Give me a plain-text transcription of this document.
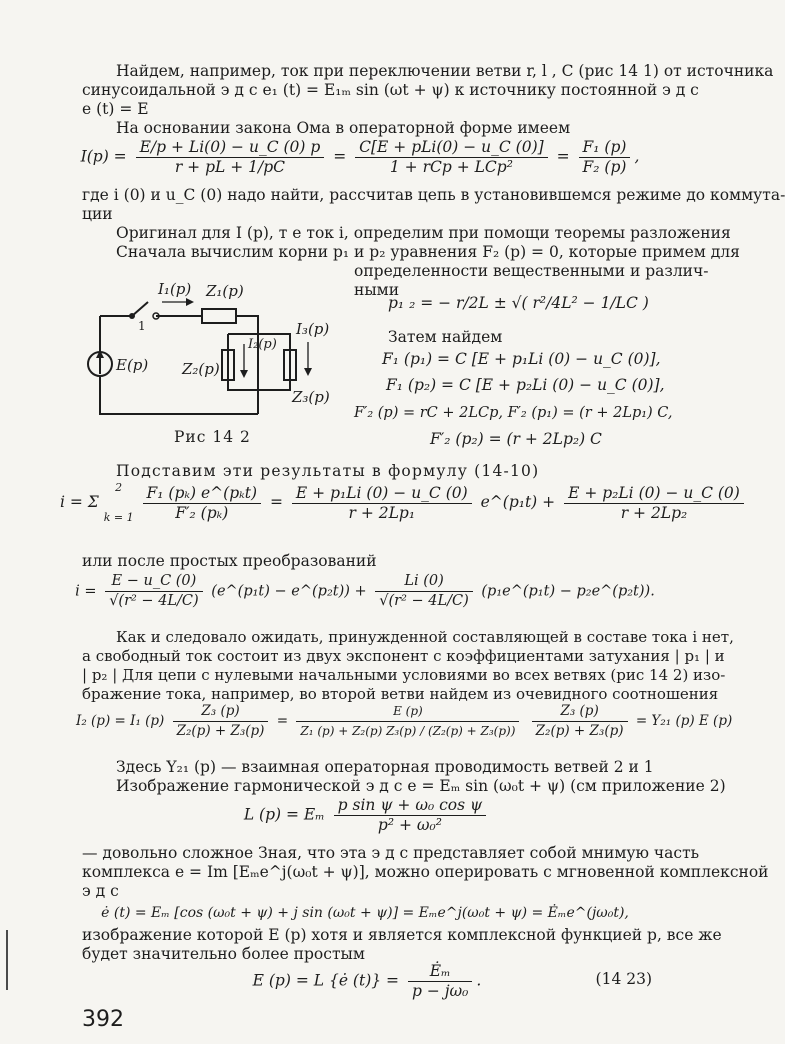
Найдем, например, ток при переключении ветви r, l , C (рис 14 1) от источника
синусоидальной э д с e₁ (t) = E₁ₘ sin (ωt + ψ) к источнику постоянной э д с
e (t) = E
На основании закона Ома в операторной форме имеем
$I(p) = \frac{E/p + Li(0) - u\_C (0) p}{r + pL + 1/pC} = \frac{\text{C[E + pLi(0) − u\_C (0)]}}{\text{1 + rCp + LCp²}} = \frac{\text{F₁ (p)}}{\text{F₂ (p)}}$ ,
где i (0) и u_C (0) надо найти, рассчитав цепь в установившемся режиме до коммута-
ции
Оригинал для I (p), т е ток i, определим при помощи теоремы разложения
Сначала вычислим корни p₁ и p₂ уравнения F₂ (p) = 0, которые примем для
определенности вещественными и различ-
ными
p₁ ₂ = − r/2L ± √( r²/4L² − 1/LC )
Затем найдем
F₁ (p₁) = C [E + p₁Li (0) − u_C (0)],
F₁ (p₂) = C [E + p₂Li (0) − u_C (0)],
F′₂ (p) = rC + 2LCp, F′₂ (p₁) = (r + 2Lp₁) C,
F′₂ (p₂) = (r + 2Lp₂) C
I₁(p) Z₁(p)
Z₂(p)
Z₃(p)
I₂(p)
I₃(p)
E(p)
1
Рис 14 2
Подставим эти результаты в формулу (14-10)
i = Σ
2
k = 1
$\frac{\text{F₁ (pₖ) e\textasciicircum{}(pₖt)}}{\text{F′₂ (pₖ)}} = \frac{\text{E + p₁Li (0) − u\_C (0)}}{\text{r + 2Lp₁}}$ e^(p₁t) + $\frac{\text{E + p₂Li (0) − u\_C (0)}}{\text{r + 2Lp₂}}$
или после простых преобразований
$i = \frac{E - u\_C (0)}{\text{√(r² − 4L/C)}}$ (e^(p₁t) − e^(p₂t)) + $\frac{Li (0)}{\text{√(r² − 4L/C)}}$ (p₁e^(p₁t) − p₂e^(p₂t)).
Как и следовало ожидать, принужденной составляющей в составе тока i нет,
а свободный ток состоит из двух экспонент с коэффициентами затухания | p₁ | и
| p₂ | Для цепи с нулевыми начальными условиями во всех ветвях (рис 14 2) изо-
бражение тока, например, во второй ветви найдем из очевидного соотношения
I₂ (p) = I₁ $(p) \frac{\text{Z₃ (p)}}{\text{Z₂(p) + Z₃(p)}} = \frac{E (p)}{\text{Z₁ (p) + Z₂(p) Z₃(p) / (Z₂(p) + Z₃(p))}}$
$\frac{\text{Z₃ (p)}}{\text{Z₂(p) + Z₃(p)}} = Y_{21}$ (p) E (p)
Здесь Y₂₁ (p) — взаимная операторная проводимость ветвей 2 и 1
Изображение гармонической э д с e = Eₘ sin (ω₀t + ψ) (см приложение 2)
L (p) = Eₘ $\frac{\text{p sin ψ + ω₀ cos ψ}}{\text{p² + ω₀²}}$
— довольно сложное Зная, что эта э д с представляет собой мнимую часть
комплекса e = Im [Eₘe^j(ω₀t + ψ)], можно оперировать с мгновенной комплексной
э д с
ė (t) = Eₘ [cos (ω₀t + ψ) + j sin (ω₀t + ψ)] = Eₘe^j(ω₀t + ψ) = Ėₘe^(jω₀t),
изображение которой E (p) хотя и является комплексной функцией p, все же
будет значительно более простым
E (p) = L {ė $(t)\} = \frac{\text{Ėₘ}}{\text{p − jω₀}}$ .	(14 23)
392
